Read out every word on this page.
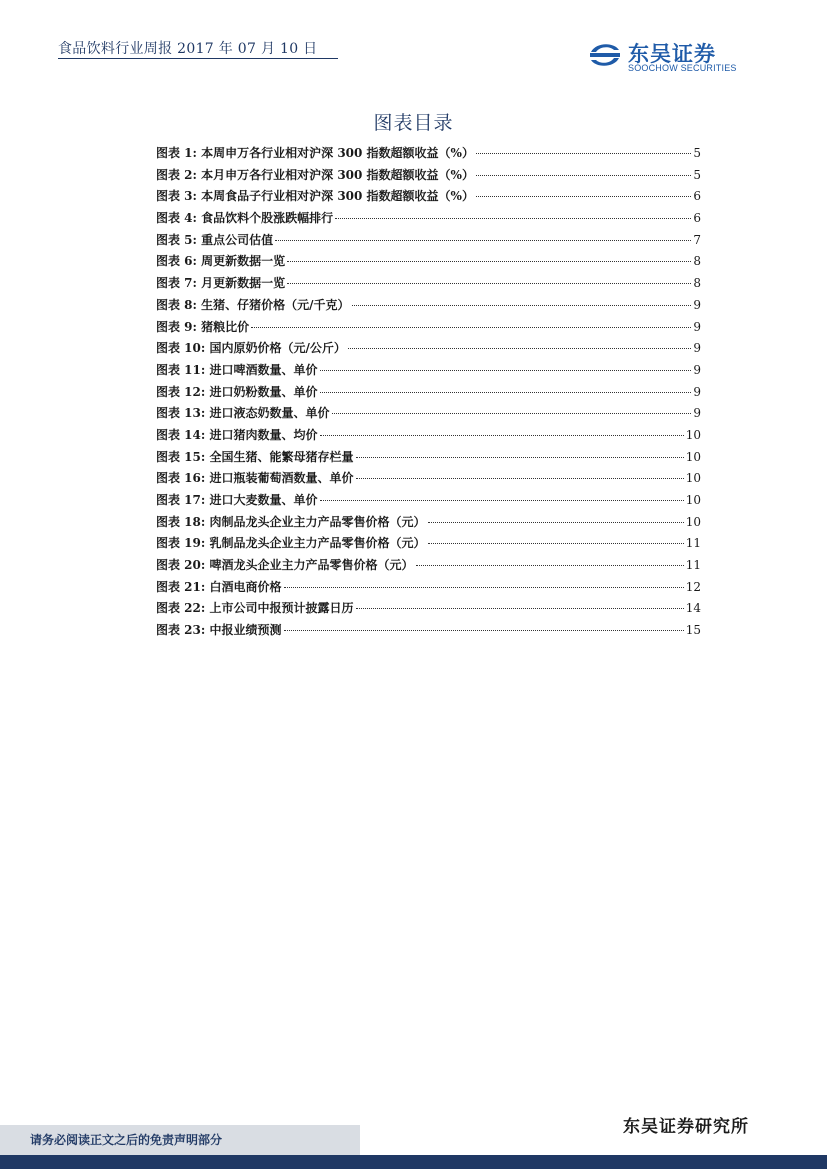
食品饮料行业周报 2017 年 07 月 10 日	东吴证券
SOOCHOW SECURITIES
图表目录
图表 1: 本周申万各行业相对沪深 300 指数超额收益（%）	5
图表 2: 本月申万各行业相对沪深 300 指数超额收益（%）	5
图表 3: 本周食品子行业相对沪深 300 指数超额收益（%）	6
图表 4: 食品饮料个股涨跌幅排行	6
图表 5: 重点公司估值	7
图表 6: 周更新数据一览	8
图表 7: 月更新数据一览	8
图表 8: 生猪、仔猪价格（元/千克）	9
图表 9: 猪粮比价	9
图表 10: 国内原奶价格（元/公斤）	9
图表 11: 进口啤酒数量、单价	9
图表 12: 进口奶粉数量、单价	9
图表 13: 进口液态奶数量、单价	9
图表 14: 进口猪肉数量、均价	10
图表 15: 全国生猪、能繁母猪存栏量	10
图表 16: 进口瓶装葡萄酒数量、单价	10
图表 17: 进口大麦数量、单价	10
图表 18: 肉制品龙头企业主力产品零售价格（元）	10
图表 19: 乳制品龙头企业主力产品零售价格（元）	11
图表 20: 啤酒龙头企业主力产品零售价格（元）	11
图表 21: 白酒电商价格	12
图表 22: 上市公司中报预计披露日历	14
图表 23: 中报业绩预测	15
请务必阅读正文之后的免责声明部分
东吴证券研究所
